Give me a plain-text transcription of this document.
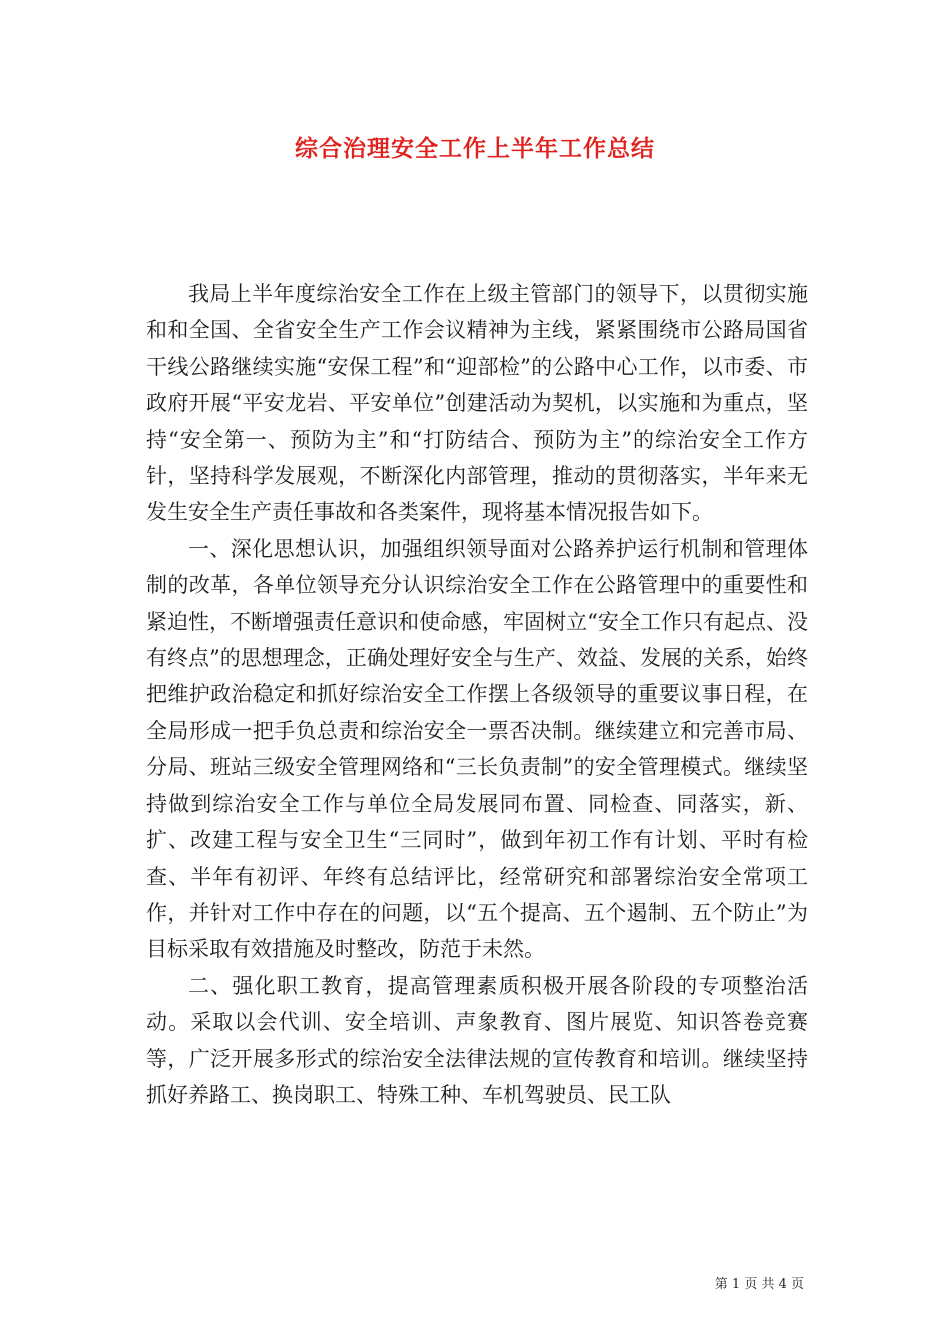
综合治理安全工作上半年工作总结

我局上半年度综治安全工作在上级主管部门的领导下，以贯彻实施和和全国、全省安全生产工作会议精神为主线，紧紧围绕市公路局国省干线公路继续实施“安保工程”和“迎部检”的公路中心工作，以市委、市政府开展“平安龙岩、平安单位”创建活动为契机，以实施和为重点，坚持“安全第一、预防为主”和“打防结合、预防为主”的综治安全工作方针，坚持科学发展观，不断深化内部管理，推动的贯彻落实，半年来无发生安全生产责任事故和各类案件，现将基本情况报告如下。

一、深化思想认识，加强组织领导面对公路养护运行机制和管理体制的改革，各单位领导充分认识综治安全工作在公路管理中的重要性和紧迫性，不断增强责任意识和使命感，牢固树立“安全工作只有起点、没有终点”的思想理念，正确处理好安全与生产、效益、发展的关系，始终把维护政治稳定和抓好综治安全工作摆上各级领导的重要议事日程，在全局形成一把手负总责和综治安全一票否决制。继续建立和完善市局、分局、班站三级安全管理网络和“三长负责制”的安全管理模式。继续坚持做到综治安全工作与单位全局发展同布置、同检查、同落实，新、扩、改建工程与安全卫生“三同时”，做到年初工作有计划、平时有检查、半年有初评、年终有总结评比，经常研究和部署综治安全常项工作，并针对工作中存在的问题，以“五个提高、五个遏制、五个防止”为目标采取有效措施及时整改，防范于未然。

二、强化职工教育，提高管理素质积极开展各阶段的专项整治活动。采取以会代训、安全培训、声象教育、图片展览、知识答卷竞赛等，广泛开展多形式的综治安全法律法规的宣传教育和培训。继续坚持抓好养路工、换岗职工、特殊工种、车机驾驶员、民工队

第 1 页 共 4 页
